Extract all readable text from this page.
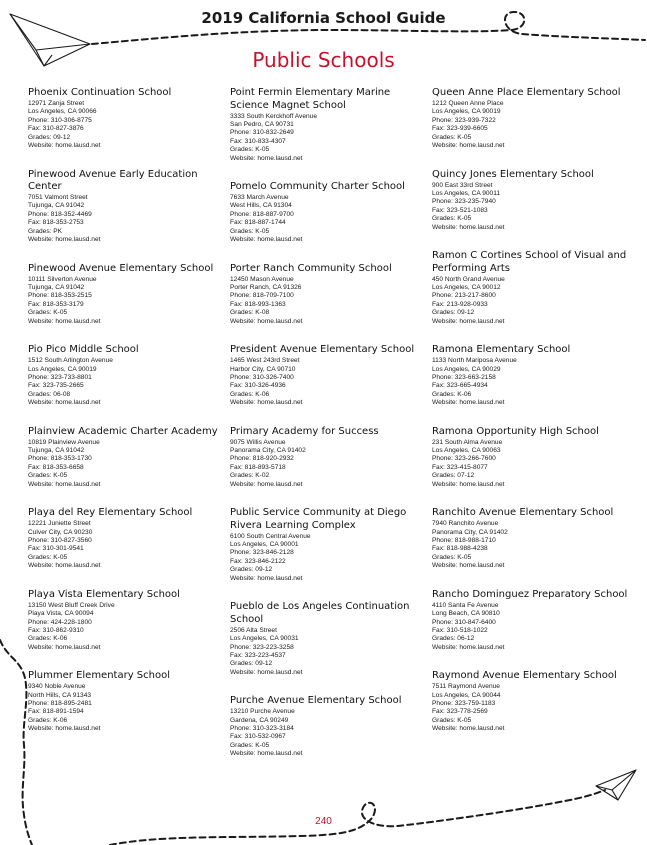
2019 California School Guide
Public Schools
Phoenix Continuation School
12971 Zanja Street
Los Angeles, CA 90066
Phone: 310-306-8775
Fax: 310-827-3876
Grades: 09-12
Website: home.lausd.net
Pinewood Avenue Early Education Center
7051 Valmont Street
Tujunga, CA 91042
Phone: 818-352-4469
Fax: 818-353-2753
Grades: PK
Website: home.lausd.net
Pinewood Avenue Elementary School
10111 Silverton Avenue
Tujunga, CA 91042
Phone: 818-353-2515
Fax: 818-353-3179
Grades: K-05
Website: home.lausd.net
Pio Pico Middle School
1512 South Arlington Avenue
Los Angeles, CA 90019
Phone: 323-733-8801
Fax: 323-735-2665
Grades: 06-08
Website: home.lausd.net
Plainview Academic Charter Academy
10819 Plainview Avenue
Tujunga, CA 91042
Phone: 818-353-1730
Fax: 818-353-6658
Grades: K-05
Website: home.lausd.net
Playa del Rey Elementary School
12221 Juniette Street
Culver City, CA 90230
Phone: 310-827-3560
Fax: 310-301-9541
Grades: K-05
Website: home.lausd.net
Playa Vista Elementary School
13150 West Bluff Creek Drive
Playa Vista, CA 90094
Phone: 424-228-1800
Fax: 310-862-9310
Grades: K-06
Website: home.lausd.net
Plummer Elementary School
9340 Noble Avenue
North Hills, CA 91343
Phone: 818-895-2481
Fax: 818-891-1594
Grades: K-06
Website: home.lausd.net
Point Fermin Elementary Marine Science Magnet School
3333 South Kerckhoff Avenue
San Pedro, CA 90731
Phone: 310-832-2649
Fax: 310-833-4307
Grades: K-05
Website: home.lausd.net
Pomelo Community Charter School
7633 March Avenue
West Hills, CA 91304
Phone: 818-887-9700
Fax: 818-887-1744
Grades: K-05
Website: home.lausd.net
Porter Ranch Community School
12450 Mason Avenue
Porter Ranch, CA 91326
Phone: 818-709-7100
Fax: 818-993-1363
Grades: K-08
Website: home.lausd.net
President Avenue Elementary School
1465 West 243rd Street
Harbor City, CA 90710
Phone: 310-326-7400
Fax: 310-326-4936
Grades: K-06
Website: home.lausd.net
Primary Academy for Success
9075 Willis Avenue
Panorama City, CA 91402
Phone: 818-920-2932
Fax: 818-893-5718
Grades: K-02
Website: home.lausd.net
Public Service Community at Diego Rivera Learning Complex
6100 South Central Avenue
Los Angeles, CA 90001
Phone: 323-846-2128
Fax: 323-846-2122
Grades: 09-12
Website: home.lausd.net
Pueblo de Los Angeles Continuation School
2506 Alta Street
Los Angeles, CA 90031
Phone: 323-223-3258
Fax: 323-223-4537
Grades: 09-12
Website: home.lausd.net
Purche Avenue Elementary School
13210 Purche Avenue
Gardena, CA 90249
Phone: 310-323-3184
Fax: 310-532-0967
Grades: K-05
Website: home.lausd.net
Queen Anne Place Elementary School
1212 Queen Anne Place
Los Angeles, CA 90019
Phone: 323-939-7322
Fax: 323-939-6605
Grades: K-05
Website: home.lausd.net
Quincy Jones Elementary School
900 East 33rd Street
Los Angeles, CA 90011
Phone: 323-235-7940
Fax: 323-521-1083
Grades: K-05
Website: home.lausd.net
Ramon C Cortines School of Visual and Performing Arts
450 North Grand Avenue
Los Angeles, CA 90012
Phone: 213-217-8600
Fax: 213-928-0933
Grades: 09-12
Website: home.lausd.net
Ramona Elementary School
1133 North Mariposa Avenue
Los Angeles, CA 90029
Phone: 323-663-2158
Fax: 323-665-4934
Grades: K-06
Website: home.lausd.net
Ramona Opportunity High School
231 South Alma Avenue
Los Angeles, CA 90063
Phone: 323-266-7600
Fax: 323-415-8077
Grades: 07-12
Website: home.lausd.net
Ranchito Avenue Elementary School
7940 Ranchito Avenue
Panorama City, CA 91402
Phone: 818-988-1710
Fax: 818-988-4238
Grades: K-05
Website: home.lausd.net
Rancho Dominguez Preparatory School
4110 Santa Fe Avenue
Long Beach, CA 90810
Phone: 310-847-6400
Fax: 310-518-1022
Grades: 06-12
Website: home.lausd.net
Raymond Avenue Elementary School
7511 Raymond Avenue
Los Angeles, CA 90044
Phone: 323-759-1183
Fax: 323-778-2569
Grades: K-05
Website: home.lausd.net
240
